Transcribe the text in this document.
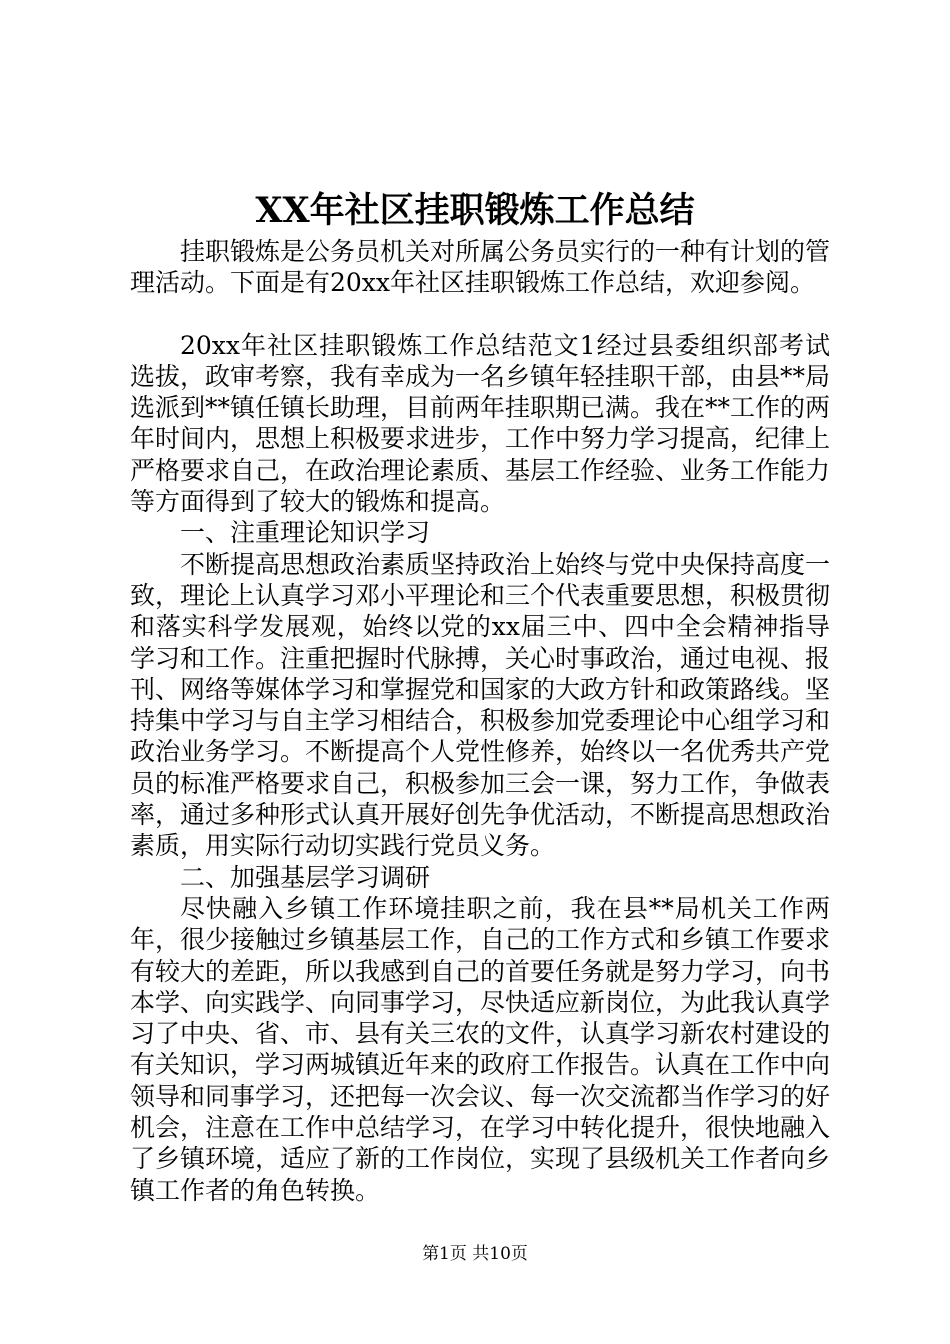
XX年社区挂职锻炼工作总结

挂职锻炼是公务员机关对所属公务员实行的一种有计划的管理活动。下面是有20xx年社区挂职锻炼工作总结，欢迎参阅。

20xx年社区挂职锻炼工作总结范文1经过县委组织部考试选拔，政审考察，我有幸成为一名乡镇年轻挂职干部，由县**局选派到**镇任镇长助理，目前两年挂职期已满。我在**工作的两年时间内，思想上积极要求进步，工作中努力学习提高，纪律上严格要求自己，在政治理论素质、基层工作经验、业务工作能力等方面得到了较大的锻炼和提高。

一、注重理论知识学习

不断提高思想政治素质坚持政治上始终与党中央保持高度一致，理论上认真学习邓小平理论和三个代表重要思想，积极贯彻和落实科学发展观，始终以党的xx届三中、四中全会精神指导学习和工作。注重把握时代脉搏，关心时事政治，通过电视、报刊、网络等媒体学习和掌握党和国家的大政方针和政策路线。坚持集中学习与自主学习相结合，积极参加党委理论中心组学习和政治业务学习。不断提高个人党性修养，始终以一名优秀共产党员的标准严格要求自己，积极参加三会一课，努力工作，争做表率，通过多种形式认真开展好创先争优活动，不断提高思想政治素质，用实际行动切实践行党员义务。

二、加强基层学习调研

尽快融入乡镇工作环境挂职之前，我在县**局机关工作两年，很少接触过乡镇基层工作，自己的工作方式和乡镇工作要求有较大的差距，所以我感到自己的首要任务就是努力学习，向书本学、向实践学、向同事学习，尽快适应新岗位，为此我认真学习了中央、省、市、县有关三农的文件，认真学习新农村建设的有关知识，学习两城镇近年来的政府工作报告。认真在工作中向领导和同事学习，还把每一次会议、每一次交流都当作学习的好机会，注意在工作中总结学习，在学习中转化提升，很快地融入了乡镇环境，适应了新的工作岗位，实现了县级机关工作者向乡镇工作者的角色转换。

第1页 共10页
